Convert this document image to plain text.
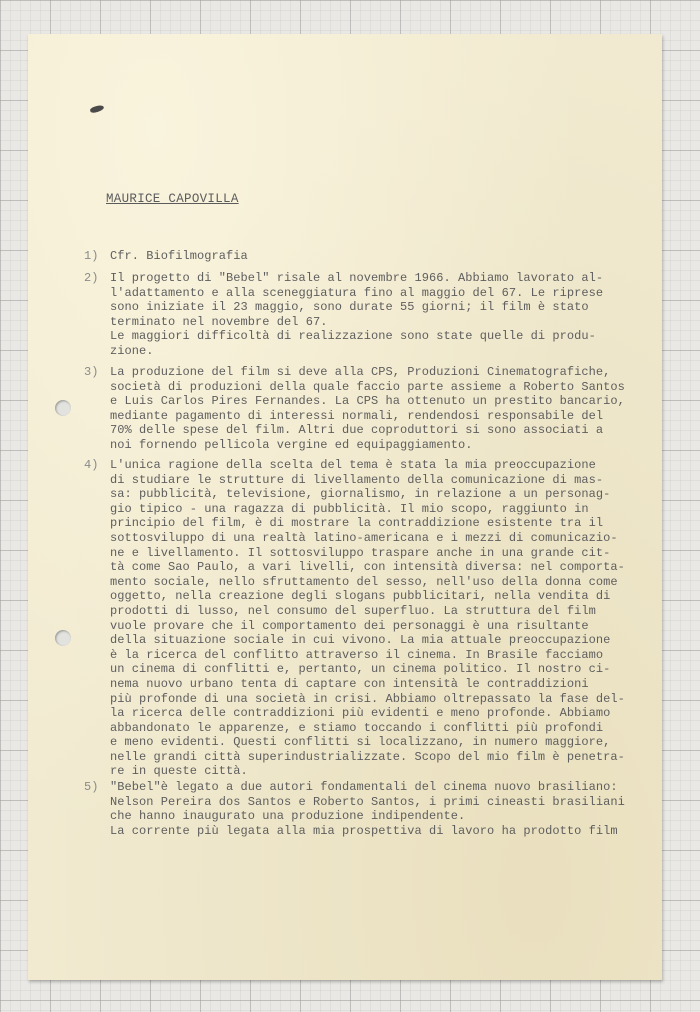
MAURICE CAPOVILLA
1) Cfr. Biofilmografia
2) Il progetto di "Bebel" risale al novembre 1966. Abbiamo lavorato al-
l'adattamento e alla sceneggiatura fino al maggio del 67. Le riprese
sono iniziate il 23 maggio, sono durate 55 giorni; il film è stato
terminato nel novembre del 67.
Le maggiori difficoltà di realizzazione sono state quelle di produ-
zione.
3) La produzione del film si deve alla CPS, Produzioni Cinematografiche,
società di produzioni della quale faccio parte assieme a Roberto Santos
e Luis Carlos Pires Fernandes. La CPS ha ottenuto un prestito bancario,
mediante pagamento di interessi normali, rendendosi responsabile del
70% delle spese del film. Altri due coproduttori si sono associati a
noi fornendo pellicola vergine ed equipaggiamento.
4) L'unica ragione della scelta del tema è stata la mia preoccupazione
di studiare le strutture di livellamento della comunicazione di mas-
sa: pubblicità, televisione, giornalismo, in relazione a un personag-
gio tipico - una ragazza di pubblicità. Il mio scopo, raggiunto in
principio del film, è di mostrare la contraddizione esistente tra il
sottosviluppo di una realtà latino-americana e i mezzi di comunicazio-
ne e livellamento. Il sottosviluppo traspare anche in una grande cit-
tà come Sao Paulo, a vari livelli, con intensità diversa: nel comporta-
mento sociale, nello sfruttamento del sesso, nell'uso della donna come
oggetto, nella creazione degli slogans pubblicitari, nella vendita di
prodotti di lusso, nel consumo del superfluo. La struttura del film
vuole provare che il comportamento dei personaggi è una risultante
della situazione sociale in cui vivono. La mia attuale preoccupazione
è la ricerca del conflitto attraverso il cinema. In Brasile facciamo
un cinema di conflitti e, pertanto, un cinema politico. Il nostro ci-
nema nuovo urbano tenta di captare con intensità le contraddizioni
più profonde di una società in crisi. Abbiamo oltrepassato la fase del-
la ricerca delle contraddizioni più evidenti e meno profonde. Abbiamo
abbandonato le apparenze, e stiamo toccando i conflitti più profondi
e meno evidenti. Questi conflitti si localizzano, in numero maggiore,
nelle grandi città superindustrializzate. Scopo del mio film è penetra-
re in queste città.
5) "Bebel"è legato a due autori fondamentali del cinema nuovo brasiliano:
Nelson Pereira dos Santos e Roberto Santos, i primi cineasti brasiliani
che hanno inaugurato una produzione indipendente.
La corrente più legata alla mia prospettiva di lavoro ha prodotto film
